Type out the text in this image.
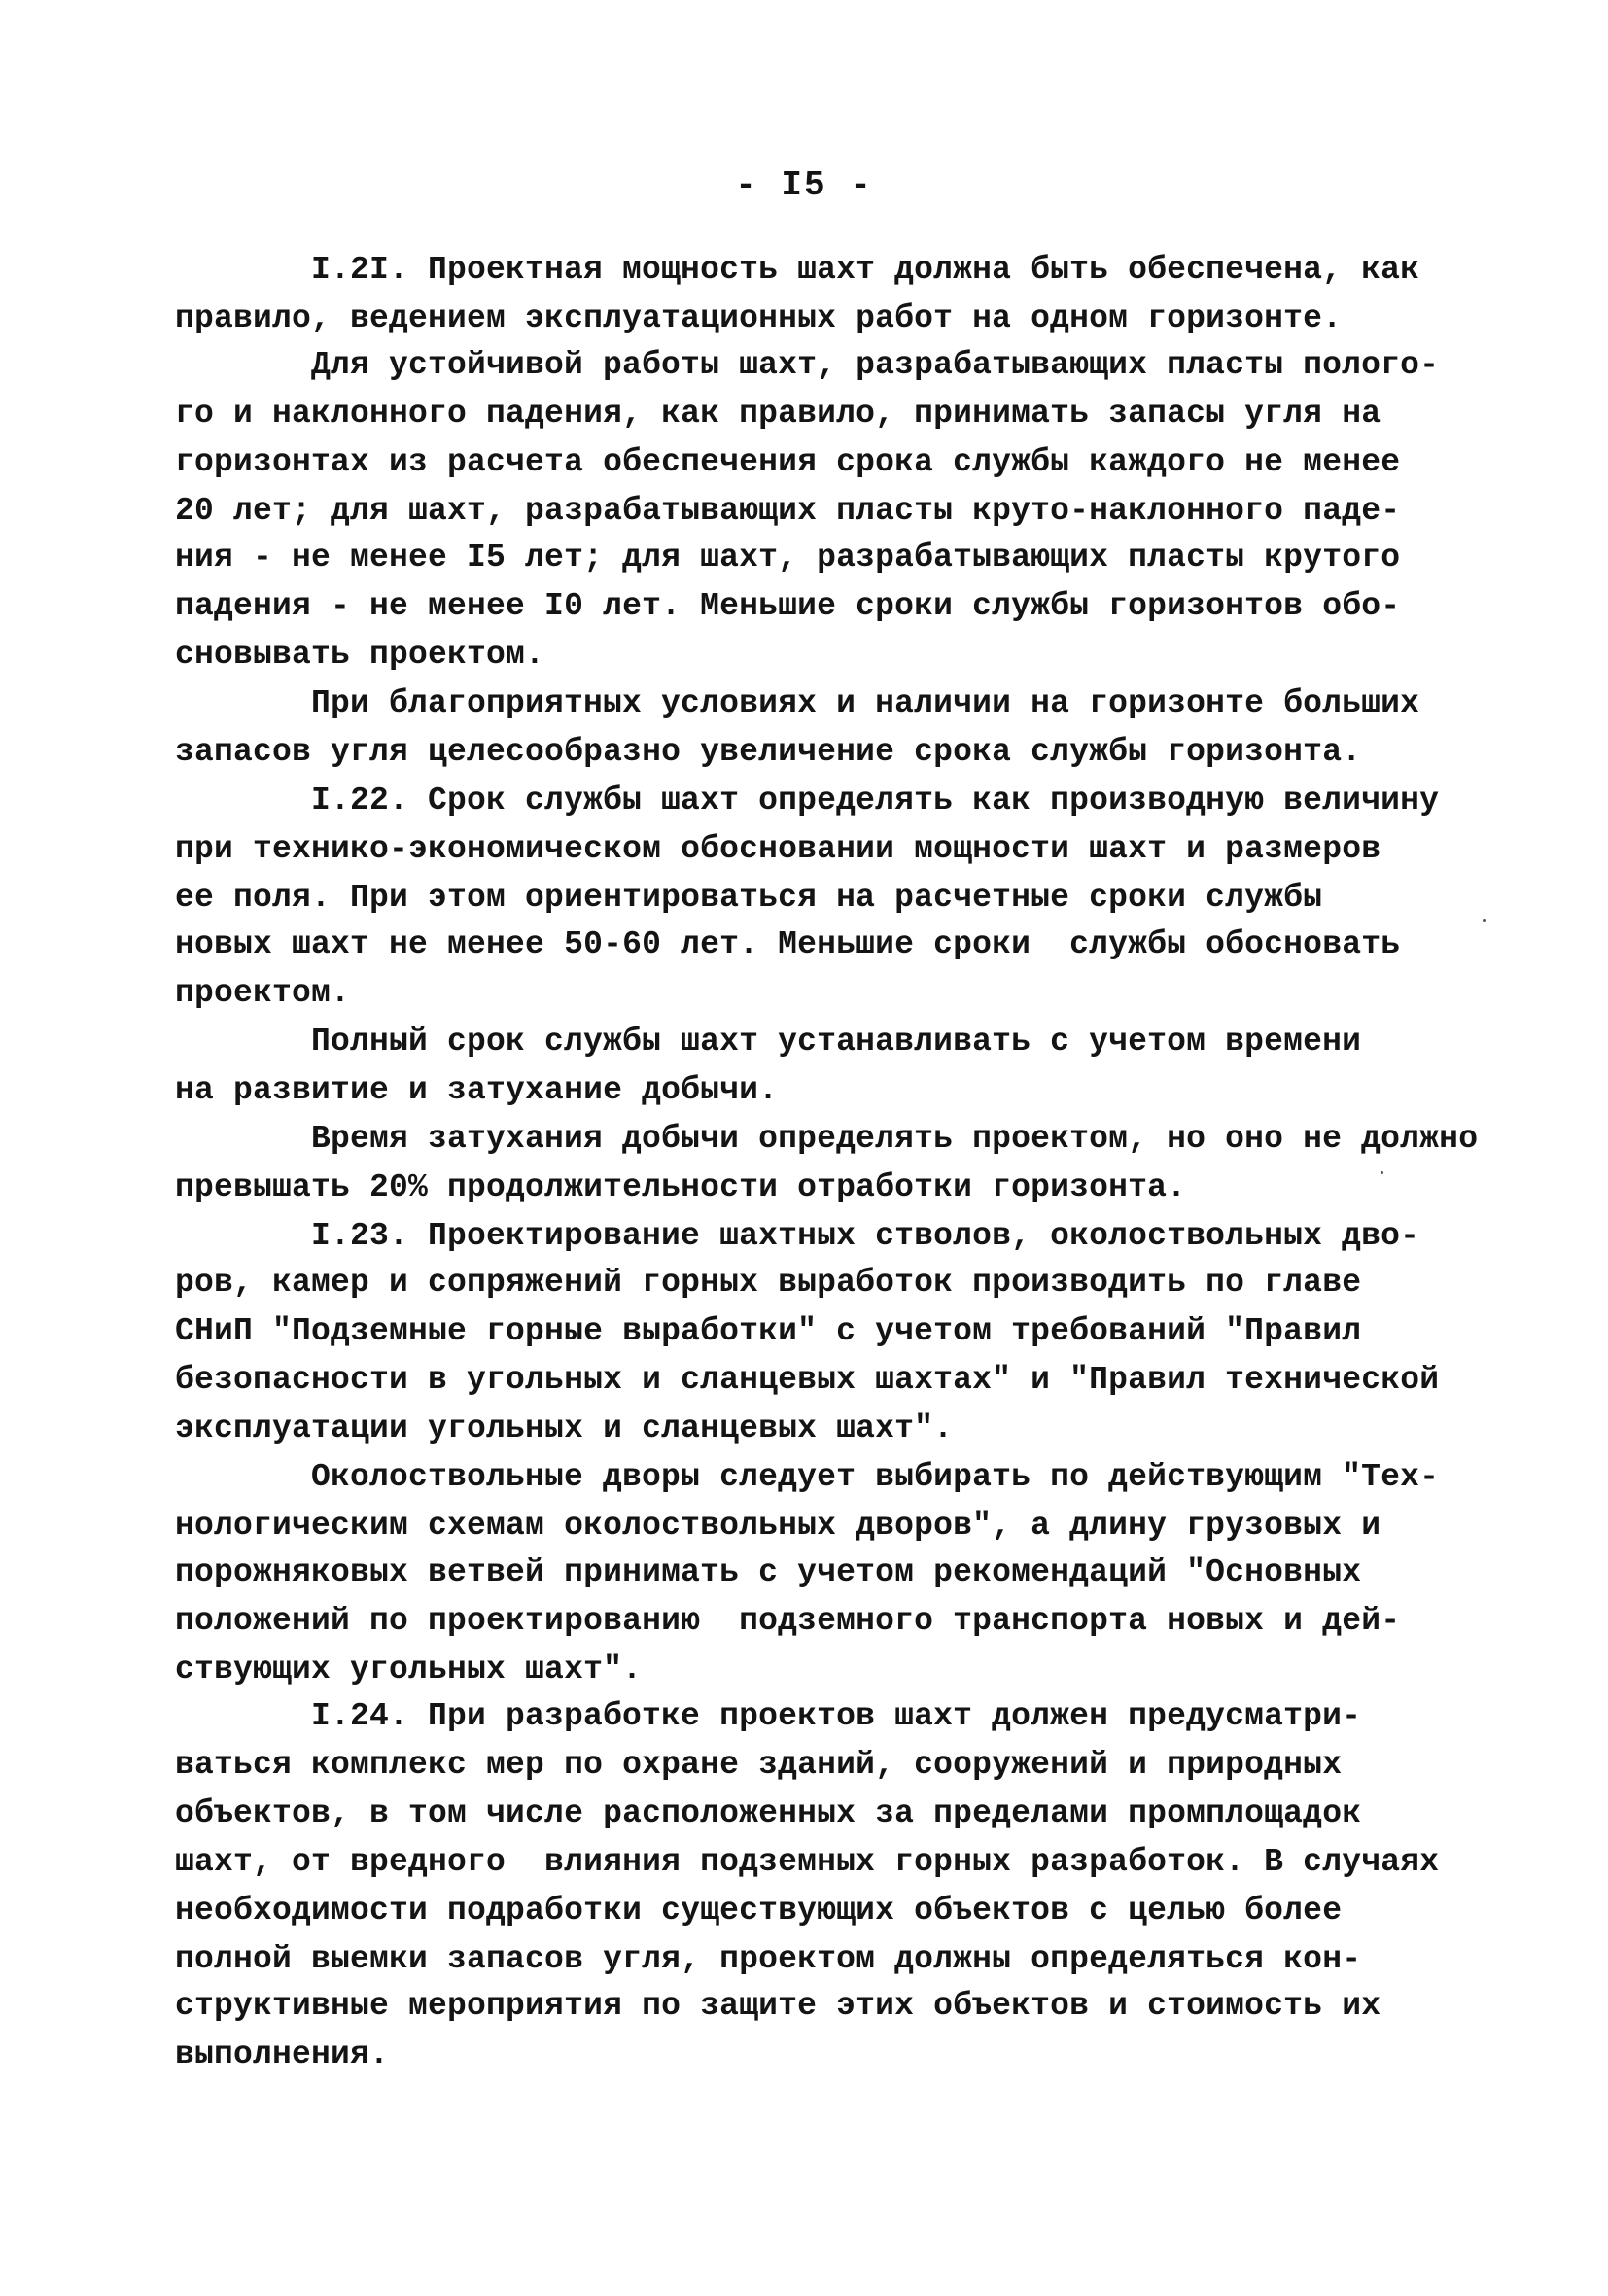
- I5 -
I.2I. Проектная мощность шахт должна быть обеспечена, как
правило, ведением эксплуатационных работ на одном горизонте.
Для устойчивой работы шахт, разрабатывающих пласты полого-
го и наклонного падения, как правило, принимать запасы угля на
горизонтах из расчета обеспечения срока службы каждого не менее
20 лет; для шахт, разрабатывающих пласты круто-наклонного паде-
ния - не менее I5 лет; для шахт, разрабатывающих пласты крутого
падения - не менее I0 лет. Меньшие сроки службы горизонтов обо-
сновывать проектом.
При благоприятных условиях и наличии на горизонте больших
запасов угля целесообразно увеличение срока службы горизонта.
I.22. Срок службы шахт определять как производную величину
при технико-экономическом обосновании мощности шахт и размеров
ее поля. При этом ориентироваться на расчетные сроки службы
новых шахт не менее 50-60 лет. Меньшие сроки  службы обосновать
проектом.
Полный срок службы шахт устанавливать с учетом времени
на развитие и затухание добычи.
Время затухания добычи определять проектом, но оно не должно
превышать 20% продолжительности отработки горизонта.
I.23. Проектирование шахтных стволов, околоствольных дво-
ров, камер и сопряжений горных выработок производить по главе
СНиП "Подземные горные выработки" с учетом требований "Правил
безопасности в угольных и сланцевых шахтах" и "Правил технической
эксплуатации угольных и сланцевых шахт".
Околоствольные дворы следует выбирать по действующим "Тех-
нологическим схемам околоствольных дворов", а длину грузовых и
порожняковых ветвей принимать с учетом рекомендаций "Основных
положений по проектированию  подземного транспорта новых и дей-
ствующих угольных шахт".
I.24. При разработке проектов шахт должен предусматри-
ваться комплекс мер по охране зданий, сооружений и природных
объектов, в том числе расположенных за пределами промплощадок
шахт, от вредного  влияния подземных горных разработок. В случаях
необходимости подработки существующих объектов с целью более
полной выемки запасов угля, проектом должны определяться кон-
структивные мероприятия по защите этих объектов и стоимость их
выполнения.
